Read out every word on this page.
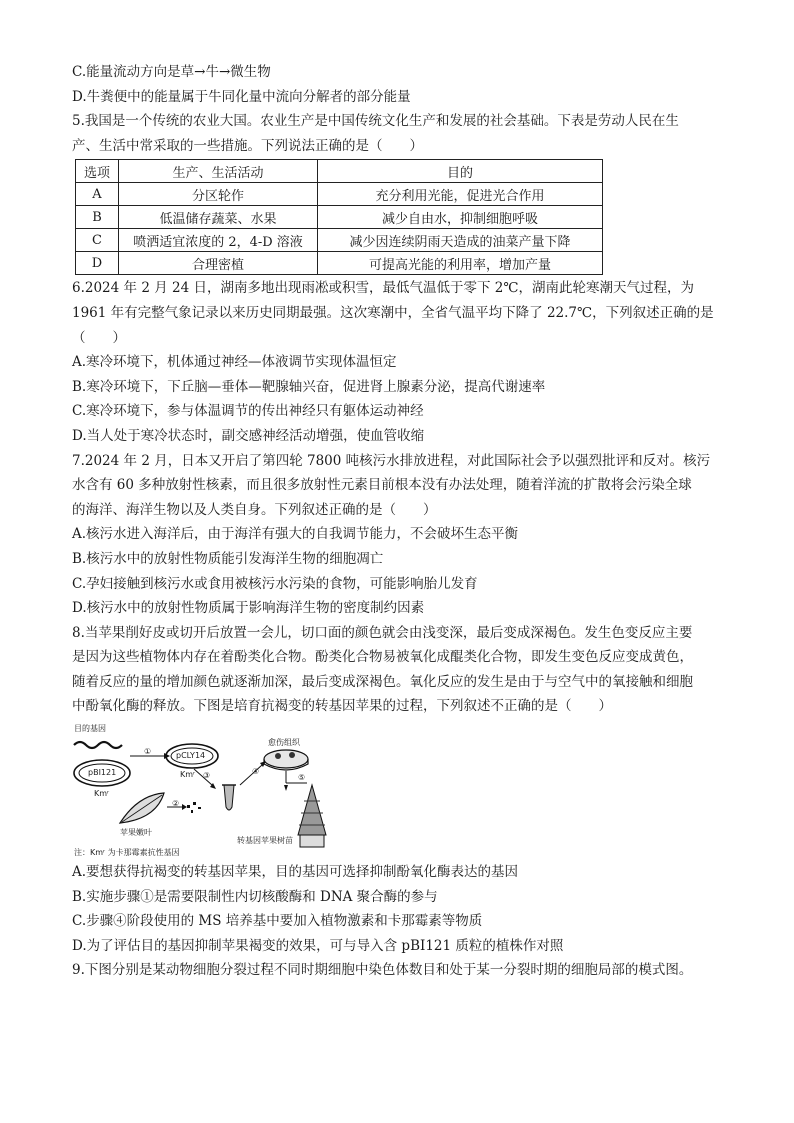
C.能量流动方向是草→牛→微生物
D.牛粪便中的能量属于牛同化量中流向分解者的部分能量
5.我国是一个传统的农业大国。农业生产是中国传统文化生产和发展的社会基础。下表是劳动人民在生
产、生活中常采取的一些措施。下列说法正确的是（　　）
选项	生产、生活活动	目的
A	分区轮作	充分利用光能，促进光合作用
B	低温储存蔬菜、水果	减少自由水，抑制细胞呼吸
C	喷洒适宜浓度的 2，4-D 溶液	减少因连续阴雨天造成的油菜产量下降
D	合理密植	可提高光能的利用率，增加产量
6.2024 年 2 月 24 日，湖南多地出现雨凇或积雪，最低气温低于零下 2℃，湖南此轮寒潮天气过程，为
1961 年有完整气象记录以来历史同期最强。这次寒潮中，全省气温平均下降了 22.7℃，下列叙述正确的是
（　　）
A.寒冷环境下，机体通过神经—体液调节实现体温恒定
B.寒冷环境下，下丘脑—垂体—靶腺轴兴奋，促进肾上腺素分泌，提高代谢速率
C.寒冷环境下，参与体温调节的传出神经只有躯体运动神经
D.当人处于寒冷状态时，副交感神经活动增强，使血管收缩
7.2024 年 2 月，日本又开启了第四轮 7800 吨核污水排放进程，对此国际社会予以强烈批评和反对。核污
水含有 60 多种放射性核素，而且很多放射性元素目前根本没有办法处理，随着洋流的扩散将会污染全球
的海洋、海洋生物以及人类自身。下列叙述正确的是（　　）
A.核污水进入海洋后，由于海洋有强大的自我调节能力，不会破坏生态平衡
B.核污水中的放射性物质能引发海洋生物的细胞凋亡
C.孕妇接触到核污水或食用被核污水污染的食物，可能影响胎儿发育
D.核污水中的放射性物质属于影响海洋生物的密度制约因素
8.当苹果削好皮或切开后放置一会儿，切口面的颜色就会由浅变深，最后变成深褐色。发生色变反应主要
是因为这些植物体内存在着酚类化合物。酚类化合物易被氧化成醌类化合物，即发生变色反应变成黄色，
随着反应的量的增加颜色就逐渐加深，最后变成深褐色。氧化反应的发生是由于与空气中的氧接触和细胞
中酚氧化酶的释放。下图是培育抗褐变的转基因苹果的过程，下列叙述不正确的是（　　）
目的基因
pBI121
Kmʳ
pCLY14
Kmʳ
①
②
③	④
⑤
愈伤组织
苹果嫩叶
转基因苹果树苗
注：Kmʳ 为卡那霉素抗性基因
A.要想获得抗褐变的转基因苹果，目的基因可选择抑制酚氧化酶表达的基因
B.实施步骤①是需要限制性内切核酸酶和 DNA 聚合酶的参与
C.步骤④阶段使用的 MS 培养基中要加入植物激素和卡那霉素等物质
D.为了评估目的基因抑制苹果褐变的效果，可与导入含 pBI121 质粒的植株作对照
9.下图分别是某动物细胞分裂过程不同时期细胞中染色体数目和处于某一分裂时期的细胞局部的模式图。
